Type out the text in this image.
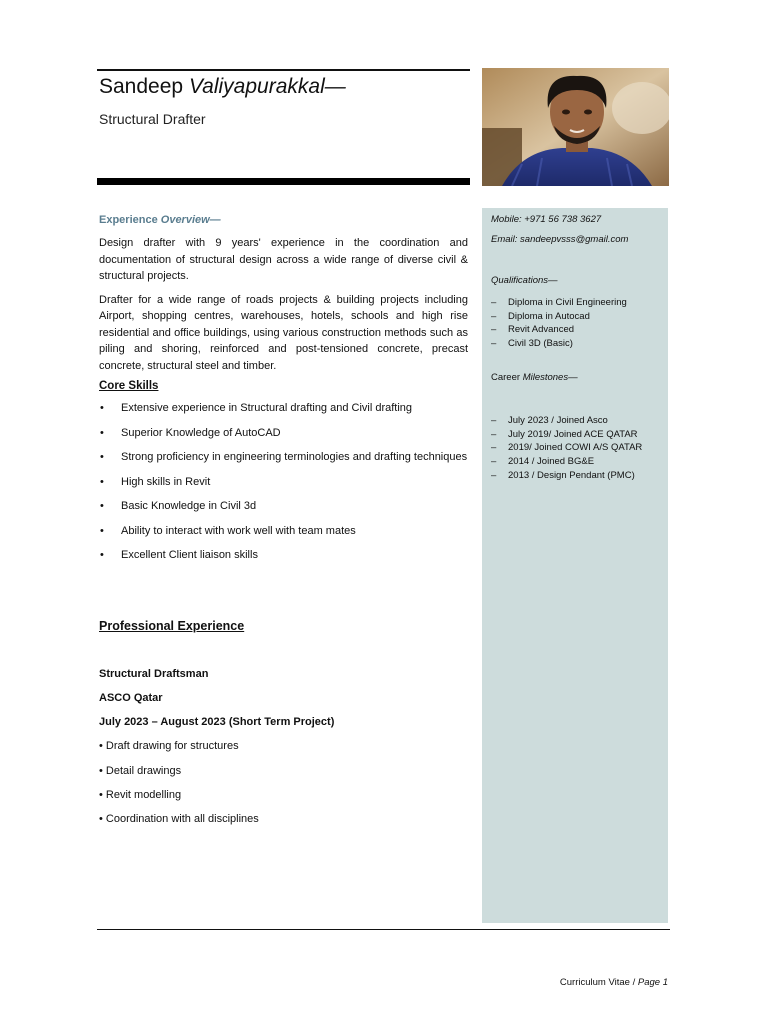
Sandeep Valiyapurakkal—
Structural Drafter
Mobile: +971 56 738 3627
Email: sandeepvsss@gmail.com
Qualifications—
– Diploma in Civil Engineering
– Diploma in Autocad
– Revit Advanced
– Civil 3D (Basic)
Career Milestones—
– July 2023 / Joined Asco
– July 2019/ Joined ACE QATAR
– 2019/ Joined COWI A/S QATAR
– 2014 / Joined BG&E
– 2013 / Design Pendant (PMC)
Experience Overview—

Design drafter with 9 years' experience in the coordination and documentation of structural design across a wide range of diverse civil & structural projects.

Drafter for a wide range of roads projects & building projects including Airport, shopping centres, warehouses, hotels, schools and high rise residential and office buildings, using various construction methods such as piling and shoring, reinforced and post-tensioned concrete, precast concrete, structural steel and timber.

Core Skills
• Extensive experience in Structural drafting and Civil drafting
• Superior Knowledge of AutoCAD
• Strong proficiency in engineering terminologies and drafting techniques
• High skills in Revit
• Basic Knowledge in Civil 3d
• Ability to interact with work well with team mates
• Excellent Client liaison skills
Professional Experience
Structural Draftsman
ASCO Qatar
July 2023 – August 2023 (Short Term Project)
• Draft drawing for structures
• Detail drawings
• Revit modelling
• Coordination with all disciplines
Curriculum Vitae / Page 1
